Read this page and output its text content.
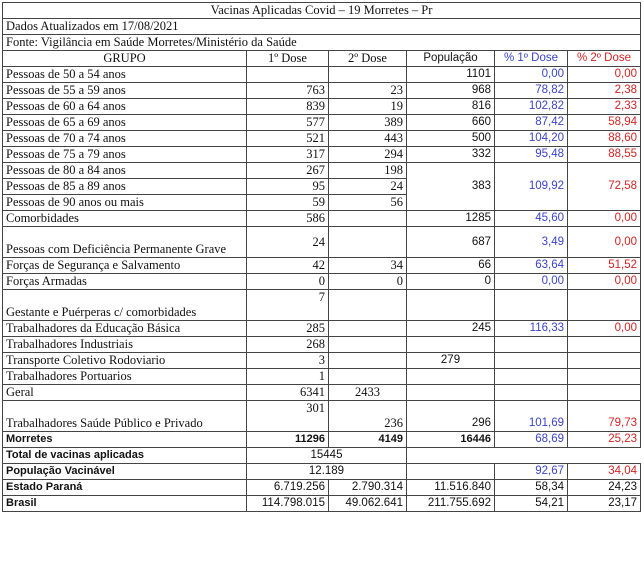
Vacinas Aplicadas Covid – 19 Morretes – Pr					
Dados Atualizados em 17/08/2021					
Fonte: Vigilância em Saúde Morretes/Ministério da Saúde					
GRUPO	1º Dose	2º Dose	População	% 1º Dose	% 2º Dose
Pessoas de 50 a 54 anos			1101	0,00	0,00
Pessoas de 55 a 59 anos	763	23	968	78,82	2,38
Pessoas de 60 a 64 anos	839	19	816	102,82	2,33
Pessoas de 65 a 69 anos	577	389	660	87,42	58,94
Pessoas de 70 a 74 anos	521	443	500	104,20	88,60
Pessoas de 75 a 79 anos	317	294	332	95,48	88,55
Pessoas de 80 a 84 anos	267	198	383	109,92	72,58
Pessoas de 85 a 89 anos	95	24			
Pessoas de 90 anos ou mais	59	56			
Comorbidades	586		1285	45,60	0,00
Pessoas com Deficiência Permanente Grave	24		687	3,49	0,00
Forças de Segurança e Salvamento	42	34	66	63,64	51,52
Forças Armadas	0	0	0	0,00	0,00
Gestante e Puérperas c/ comorbidades	7				
Trabalhadores da Educação Básica	285		245	116,33	0,00
Trabalhadores Industriais	268				
Transporte Coletivo Rodoviario	3		279		
Trabalhadores Portuarios	1				
Geral	6341	2433			
Trabalhadores Saúde Público e Privado	301	236	296	101,69	79,73
Morretes	11296	4149	16446	68,69	25,23
Total de vacinas aplicadas	15445				
População Vacinável	12.189			92,67	34,04
Estado Paraná	6.719.256	2.790.314	11.516.840	58,34	24,23
Brasil	114.798.015	49.062.641	211.755.692	54,21	23,17
